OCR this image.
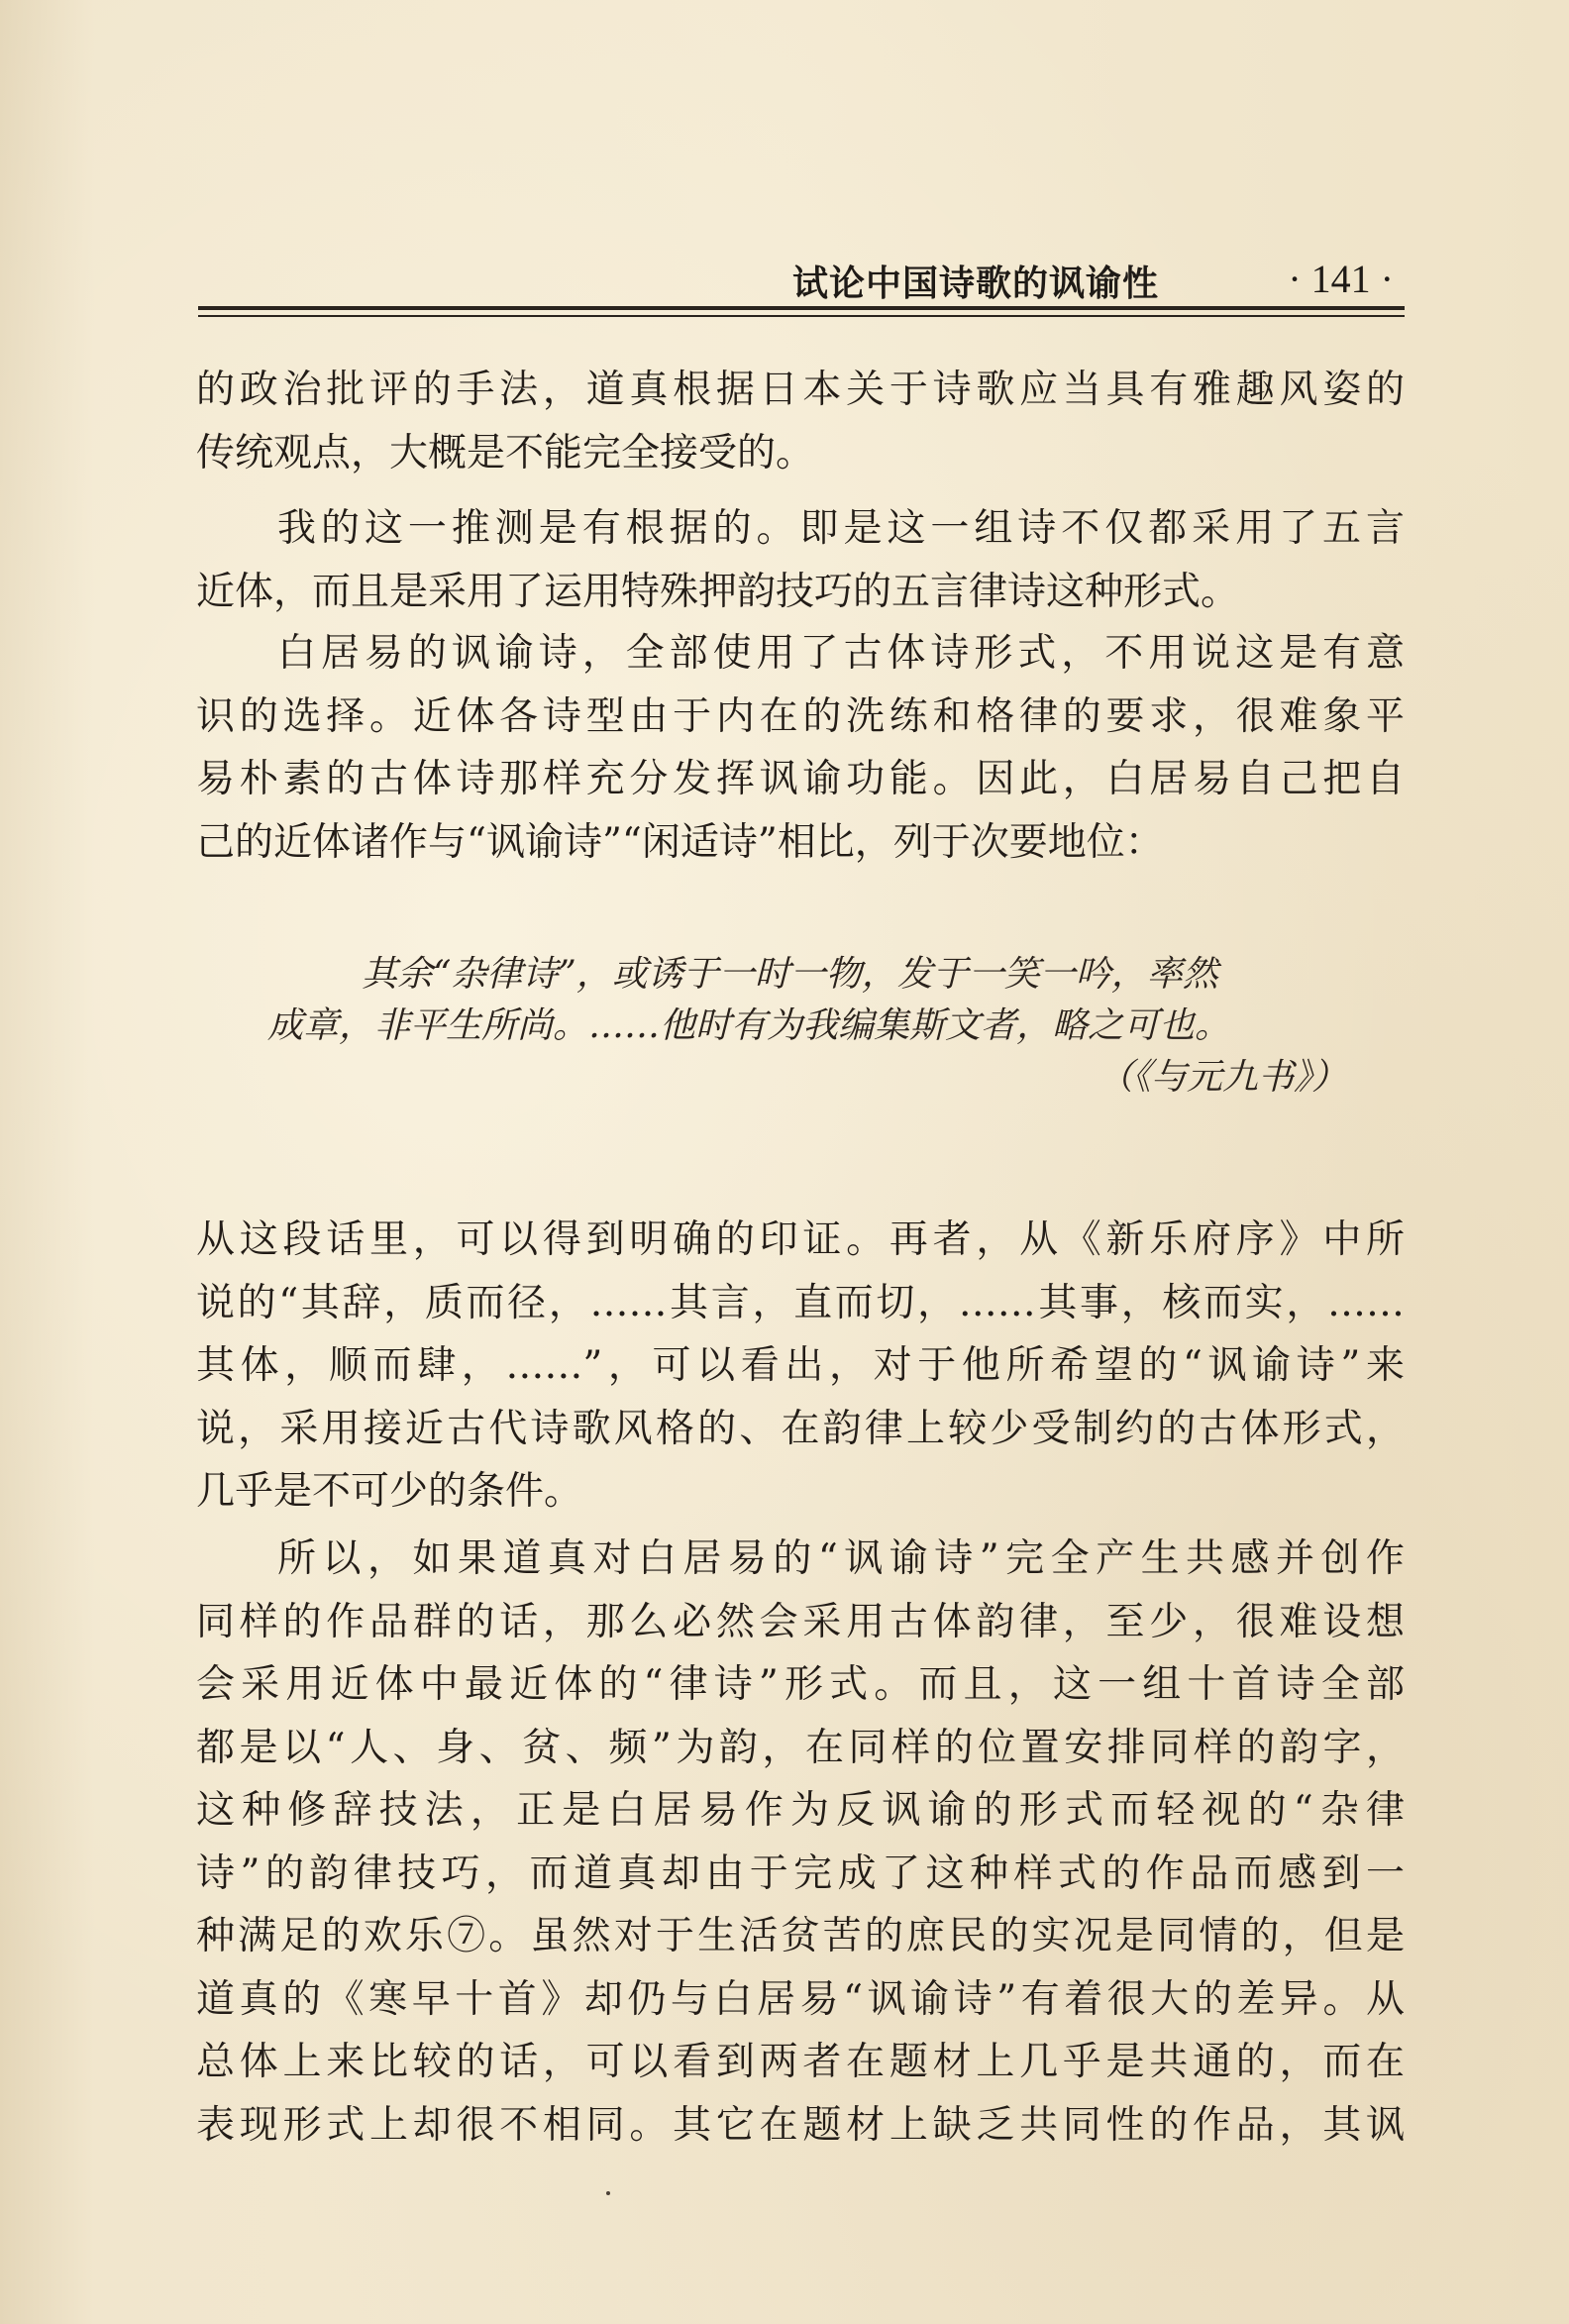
试论中国诗歌的讽谕性	· 141 ·

的政治批评的手法，道真根据日本关于诗歌应当具有雅趣风姿的

传统观点，大概是不能完全接受的。

我的这一推测是有根据的。即是这一组诗不仅都采用了五言

近体，而且是采用了运用特殊押韵技巧的五言律诗这种形式。

白居易的讽谕诗，全部使用了古体诗形式，不用说这是有意

识的选择。近体各诗型由于内在的洗练和格律的要求，很难象平

易朴素的古体诗那样充分发挥讽谕功能。因此，白居易自己把自

己的近体诸作与“讽谕诗”“闲适诗”相比，列于次要地位：

其余“杂律诗”，或诱于一时一物，发于一笑一吟，率然

成章，非平生所尚。……他时有为我编集斯文者，略之可也。

（《与元九书》）

从这段话里，可以得到明确的印证。再者，从《新乐府序》中所

说的“其辞，质而径，……其言，直而切，……其事，核而实，……

其体，顺而肆，……”，可以看出，对于他所希望的“讽谕诗”来

说，采用接近古代诗歌风格的、在韵律上较少受制约的古体形式，

几乎是不可少的条件。

所以，如果道真对白居易的“讽谕诗”完全产生共感并创作

同样的作品群的话，那么必然会采用古体韵律，至少，很难设想

会采用近体中最近体的“律诗”形式。而且，这一组十首诗全部

都是以“人、身、贫、频”为韵，在同样的位置安排同样的韵字，

这种修辞技法，正是白居易作为反讽谕的形式而轻视的“杂律

诗”的韵律技巧，而道真却由于完成了这种样式的作品而感到一

种满足的欢乐⑦。虽然对于生活贫苦的庶民的实况是同情的，但是

道真的《寒早十首》却仍与白居易“讽谕诗”有着很大的差异。从

总体上来比较的话，可以看到两者在题材上几乎是共通的，而在

表现形式上却很不相同。其它在题材上缺乏共同性的作品，其讽
